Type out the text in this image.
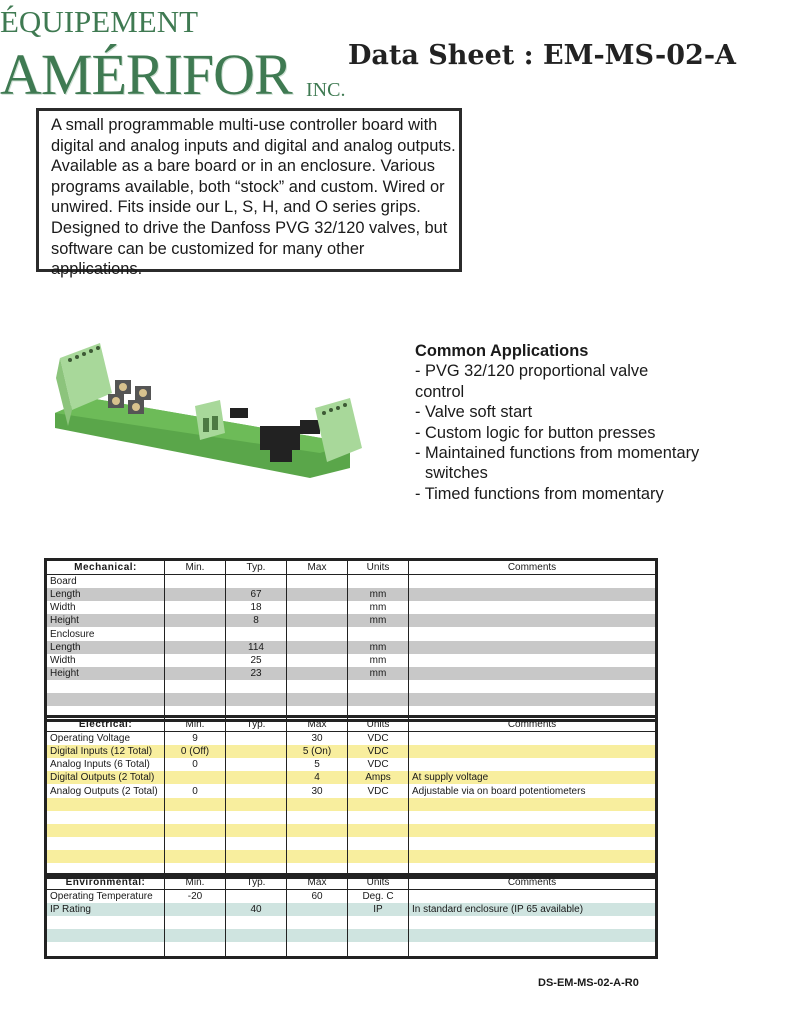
ÉQUIPEMENT
AMÉRIFOR INC.
Data Sheet : EM-MS-02-A
A small programmable multi-use controller board with digital and analog inputs and digital and analog outputs. Available as a bare board or in an enclosure. Various programs available, both “stock” and custom. Wired or unwired. Fits inside our L, S, H, and O series grips. Designed to drive the Danfoss PVG 32/120 valves, but software can be customized for many other applications.
Common Applications
- PVG 32/120 proportional valve
control
- Valve soft start
- Custom logic for button presses
- Maintained functions from momentary
switches
- Timed functions from momentary
Mechanical:	Min.	Typ.	Max	Units	Comments
Board					
Length		67		mm	
Width		18		mm	
Height		8		mm	
Enclosure					
Length		114		mm	
Width		25		mm	
Height		23		mm	

Electrical:	Min.	Typ.	Max	Units	Comments
Operating Voltage	9		30	VDC	
Digital Inputs (12 Total)	0 (Off)		5 (On)	VDC	
Analog Inputs (6 Total)	0		5	VDC	
Digital Outputs (2 Total)			4	Amps	At supply voltage
Analog Outputs (2 Total)	0		30	VDC	Adjustable via on board potentiometers

Environmental:	Min.	Typ.	Max	Units	Comments
Operating Temperature	-20		60	Deg. C	
IP Rating		40		IP	In standard enclosure (IP 65 available)

DS-EM-MS-02-A-R0
